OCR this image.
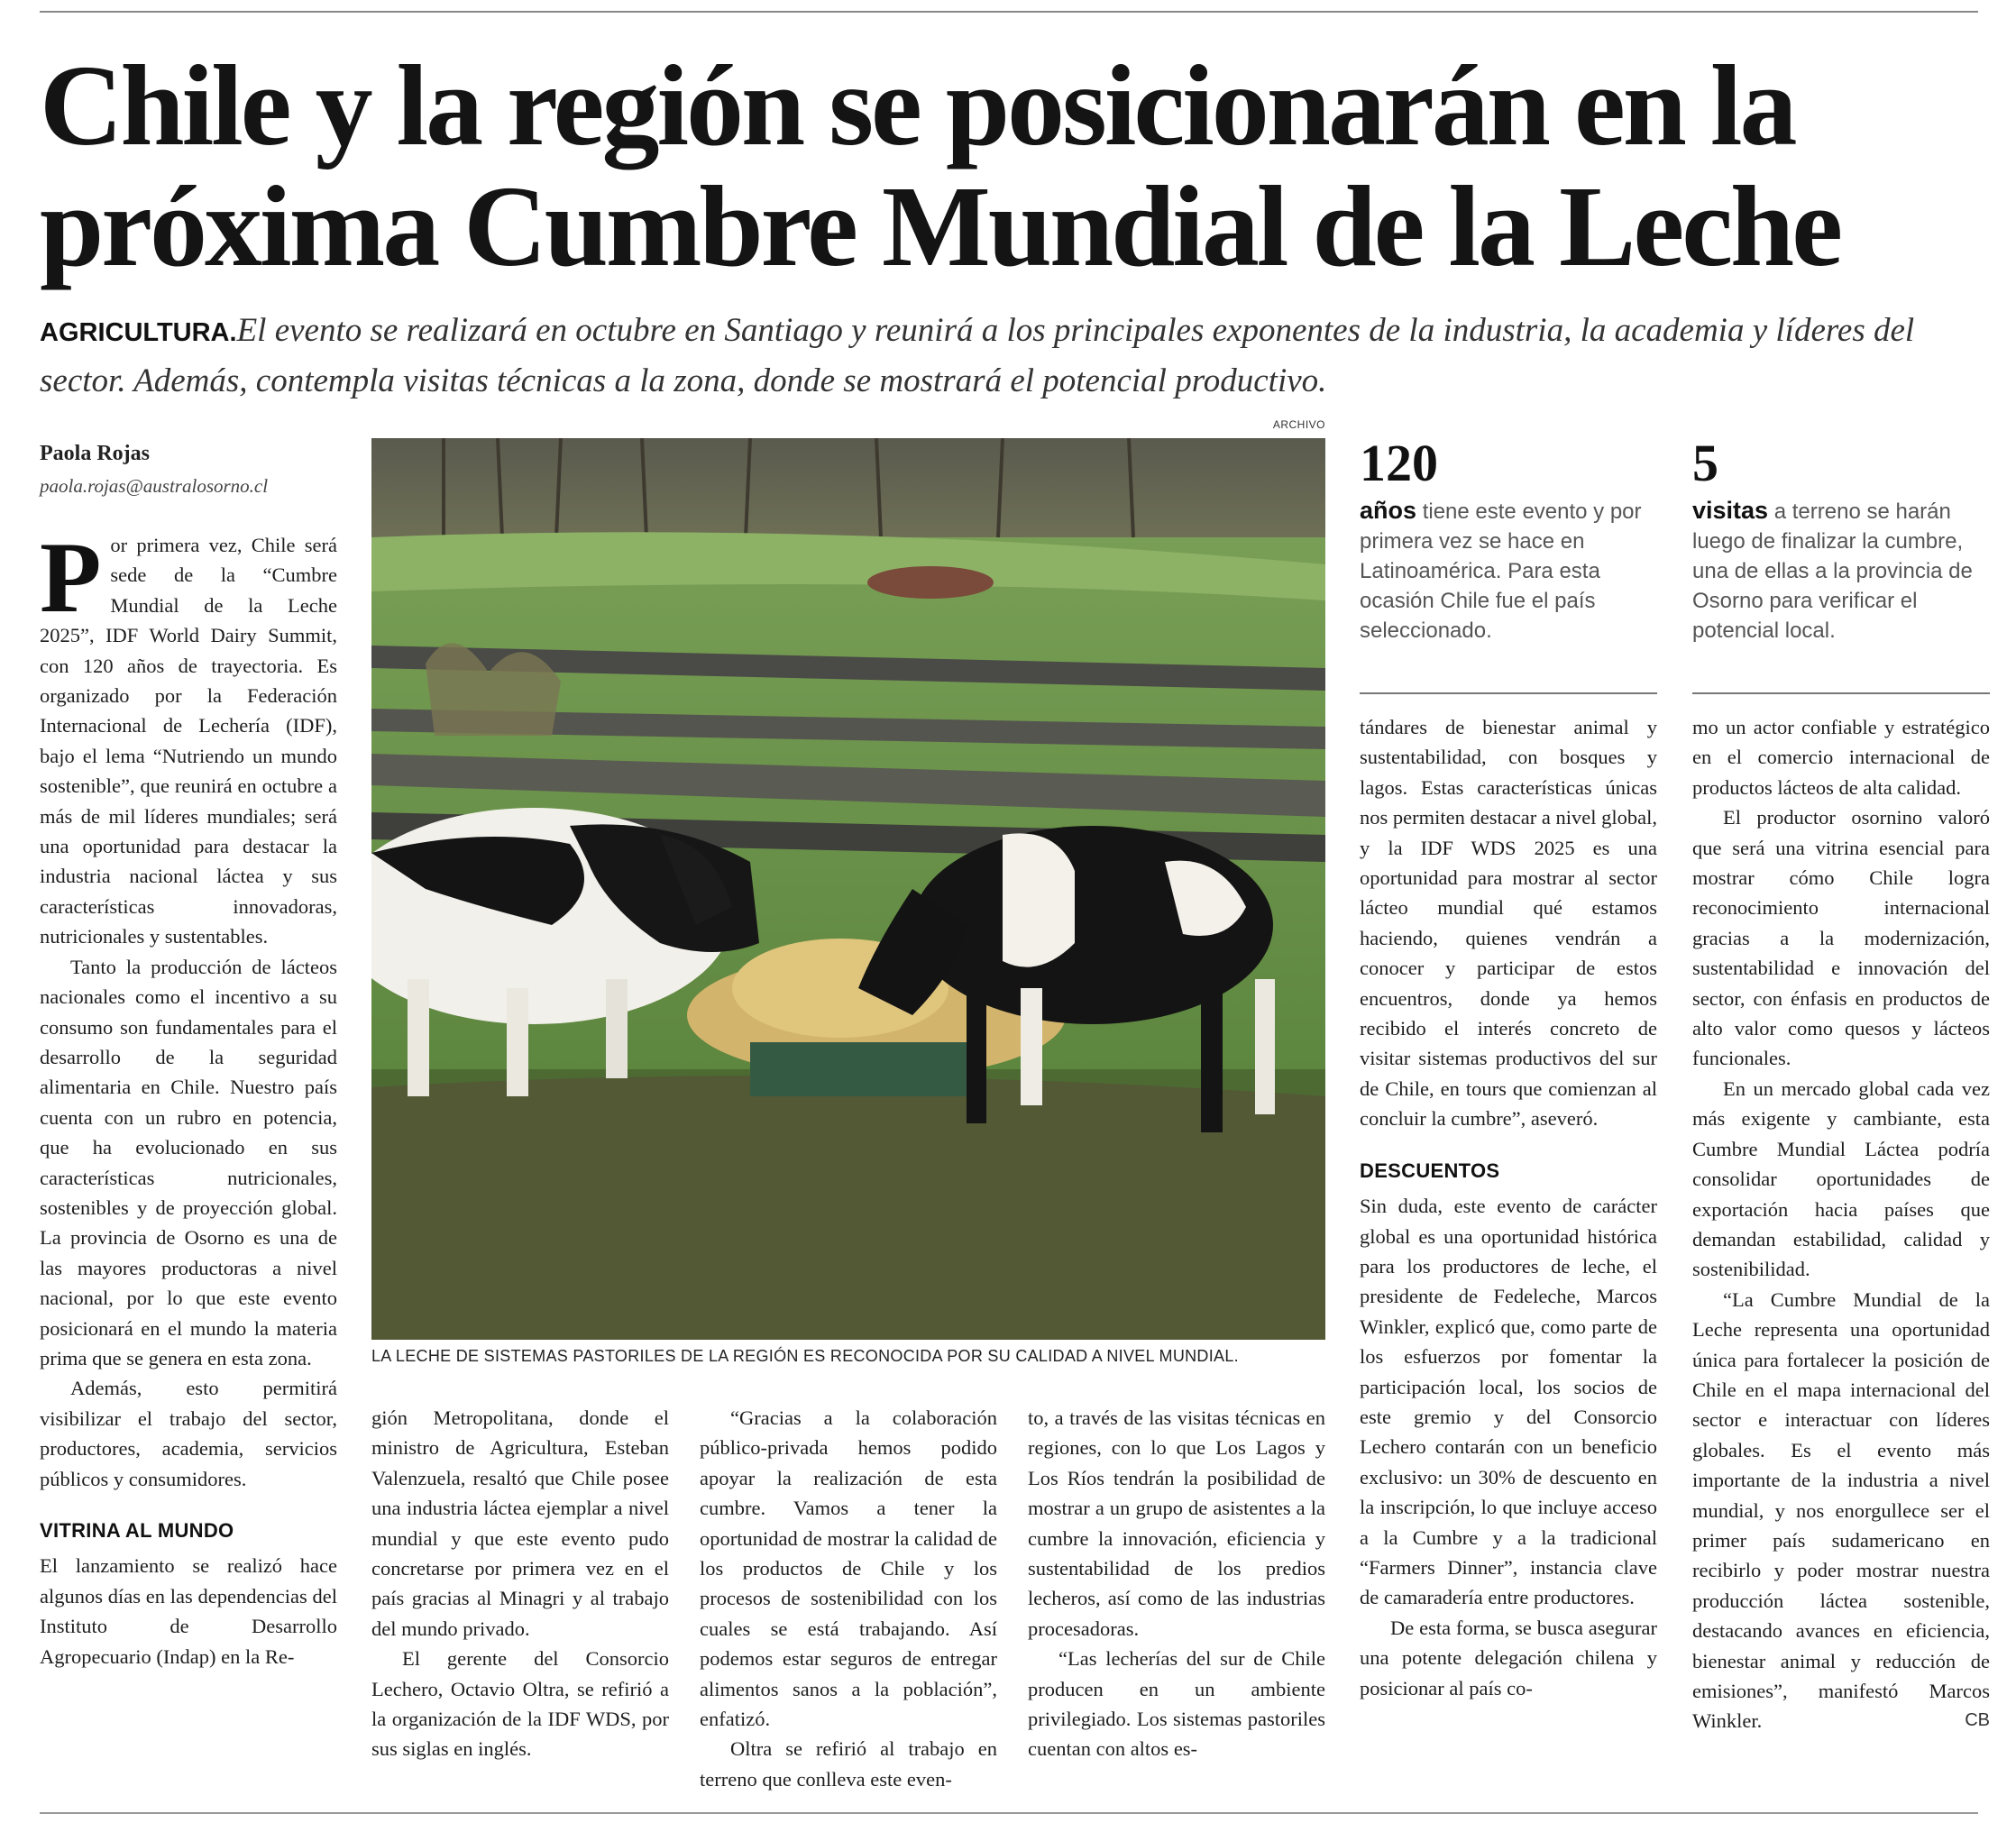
Chile y la región se posicionarán en la próxima Cumbre Mundial de la Leche

AGRICULTURA.El evento se realizará en octubre en Santiago y reunirá a los principales exponentes de la industria, la academia y líderes del sector. Además, contempla visitas técnicas a la zona, donde se mostrará el potencial productivo.

Paola Rojas
paola.rojas@australosorno.cl

Por primera vez, Chile será sede de la “Cumbre Mundial de la Leche 2025”, IDF World Dairy Summit, con 120 años de trayectoria. Es organizado por la Federación Internacional de Lechería (IDF), bajo el lema “Nutriendo un mundo sostenible”, que reunirá en octubre a más de mil líderes mundiales; será una oportunidad para destacar la industria nacional láctea y sus características innovadoras, nutricionales y sustentables.

Tanto la producción de lácteos nacionales como el incentivo a su consumo son fundamentales para el desarrollo de la seguridad alimentaria en Chile. Nuestro país cuenta con un rubro en potencia, que ha evolucionado en sus características nutricionales, sostenibles y de proyección global. La provincia de Osorno es una de las mayores productoras a nivel nacional, por lo que este evento posicionará en el mundo la materia prima que se genera en esta zona.

Además, esto permitirá visibilizar el trabajo del sector, productores, academia, servicios públicos y consumidores.

VITRINA AL MUNDO

El lanzamiento se realizó hace algunos días en las dependencias del Instituto de Desarrollo Agropecuario (Indap) en la Re-

ARCHIVO
LA LECHE DE SISTEMAS PASTORILES DE LA REGIÓN ES RECONOCIDA POR SU CALIDAD A NIVEL MUNDIAL.
120
años tiene este evento y por primera vez se hace en Latinoamérica. Para esta ocasión Chile fue el país seleccionado.
5
visitas a terreno se harán luego de finalizar la cumbre, una de ellas a la provincia de Osorno para verificar el potencial local.

gión Metropolitana, donde el ministro de Agricultura, Esteban Valenzuela, resaltó que Chile posee una industria láctea ejemplar a nivel mundial y que este evento pudo concretarse por primera vez en el país gracias al Minagri y al trabajo del mundo privado.

El gerente del Consorcio Lechero, Octavio Oltra, se refirió a la organización de la IDF WDS, por sus siglas en inglés.

“Gracias a la colaboración público-privada hemos podido apoyar la realización de esta cumbre. Vamos a tener la oportunidad de mostrar la calidad de los productos de Chile y los procesos de sostenibilidad con los cuales se está trabajando. Así podemos estar seguros de entregar alimentos sanos a la población”, enfatizó.

Oltra se refirió al trabajo en terreno que conlleva este even-

to, a través de las visitas técnicas en regiones, con lo que Los Lagos y Los Ríos tendrán la posibilidad de mostrar a un grupo de asistentes a la cumbre la innovación, eficiencia y sustentabilidad de los predios lecheros, así como de las industrias procesadoras.

“Las lecherías del sur de Chile producen en un ambiente privilegiado. Los sistemas pastoriles cuentan con altos es-

tándares de bienestar animal y sustentabilidad, con bosques y lagos. Estas características únicas nos permiten destacar a nivel global, y la IDF WDS 2025 es una oportunidad para mostrar al sector lácteo mundial qué estamos haciendo, quienes vendrán a conocer y participar de estos encuentros, donde ya hemos recibido el interés concreto de visitar sistemas productivos del sur de Chile, en tours que comienzan al concluir la cumbre”, aseveró.

DESCUENTOS

Sin duda, este evento de carácter global es una oportunidad histórica para los productores de leche, el presidente de Fedeleche, Marcos Winkler, explicó que, como parte de los esfuerzos por fomentar la participación local, los socios de este gremio y del Consorcio Lechero contarán con un beneficio exclusivo: un 30% de descuento en la inscripción, lo que incluye acceso a la Cumbre y a la tradicional “Farmers Dinner”, instancia clave de camaradería entre productores.

De esta forma, se busca asegurar una potente delegación chilena y posicionar al país co-

mo un actor confiable y estratégico en el comercio internacional de productos lácteos de alta calidad.

El productor osornino valoró que será una vitrina esencial para mostrar cómo Chile logra reconocimiento internacional gracias a la modernización, sustentabilidad e innovación del sector, con énfasis en productos de alto valor como quesos y lácteos funcionales.

En un mercado global cada vez más exigente y cambiante, esta Cumbre Mundial Láctea podría consolidar oportunidades de exportación hacia países que demandan estabilidad, calidad y sostenibilidad.

“La Cumbre Mundial de la Leche representa una oportunidad única para fortalecer la posición de Chile en el mapa internacional del sector e interactuar con líderes globales. Es el evento más importante de la industria a nivel mundial, y nos enorgullece ser el primer país sudamericano en recibirlo y poder mostrar nuestra producción láctea sostenible, destacando avances en eficiencia, bienestar animal y reducción de emisiones”, manifestó Marcos Winkler.	CB
